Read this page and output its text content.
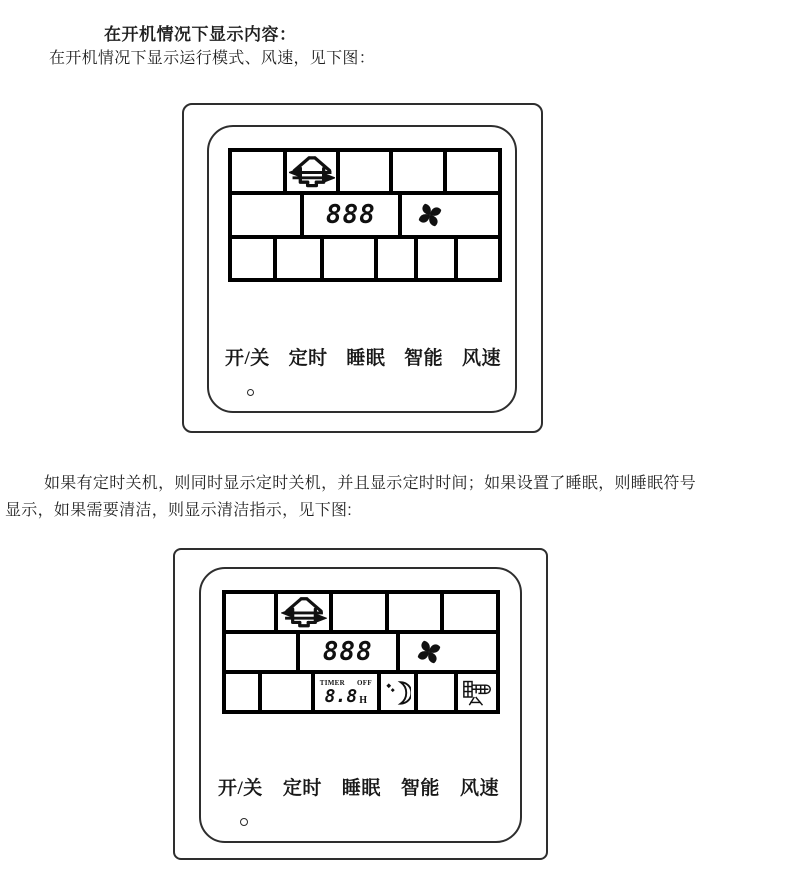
在开机情况下显示内容：
在开机情况下显示运行模式、风速，见下图：
888
开/关 定时 睡眠 智能 风速
如果有定时关机，则同时显示定时关机，并且显示定时时间；如果设置了睡眠，则睡眠符号
显示，如果需要清洁，则显示清洁指示，见下图:
888
TIMER OFF
8.8 H
开/关 定时 睡眠 智能 风速
